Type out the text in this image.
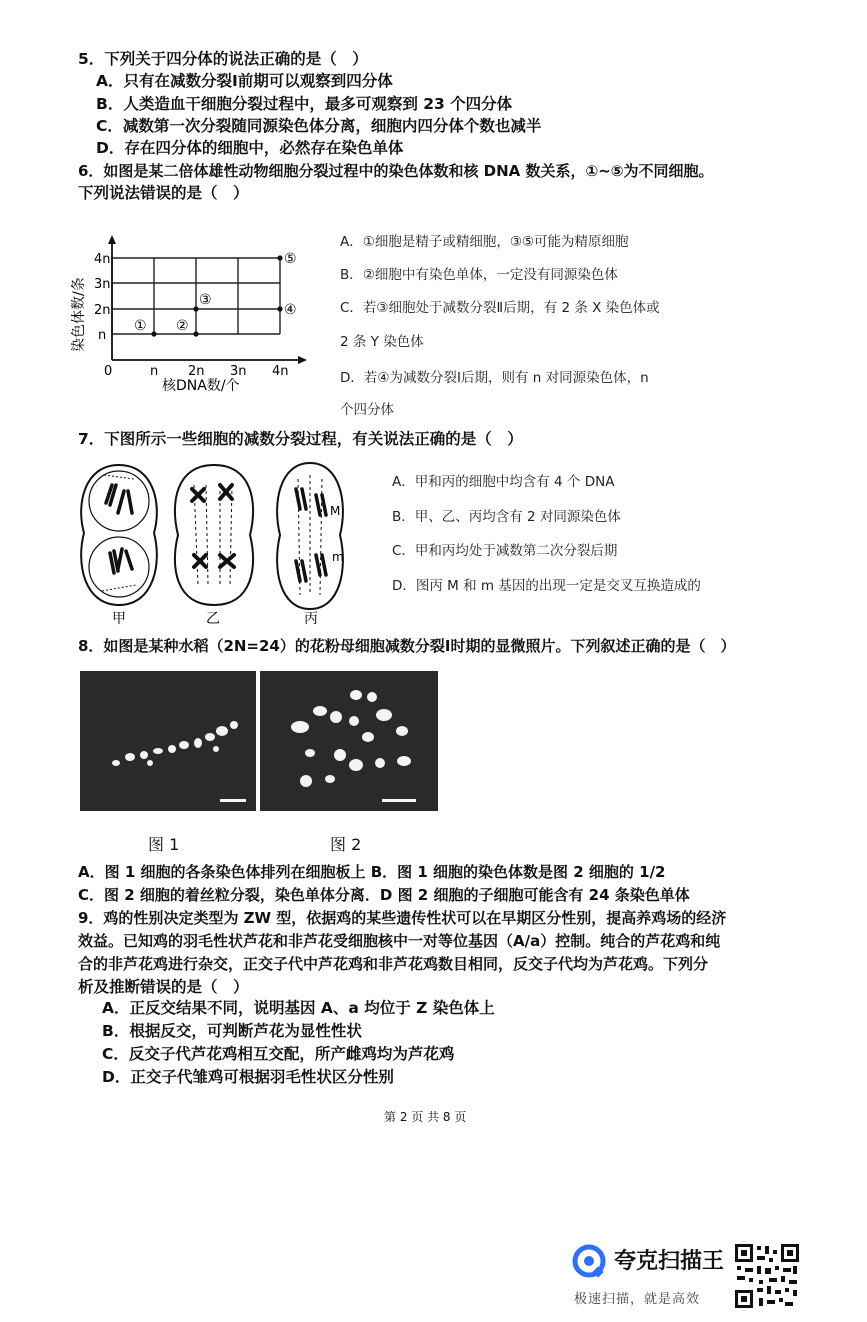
5．下列关于四分体的说法正确的是（　）
A．只有在减数分裂Ⅰ前期可以观察到四分体
B．人类造血干细胞分裂过程中，最多可观察到 23 个四分体
C．减数第一次分裂随同源染色体分离，细胞内四分体个数也减半
D．存在四分体的细胞中，必然存在染色单体
6．如图是某二倍体雄性动物细胞分裂过程中的染色体数和核 DNA 数关系，①~⑤为不同细胞。
下列说法错误的是（　）
4n
3n
2n
n
0	n 2n 3n 4n
核DNA数/个
染色体数/条	① ②
③
④
⑤
A．①细胞是精子或精细胞，③⑤可能为精原细胞
B．②细胞中有染色单体，一定没有同源染色体
C．若③细胞处于减数分裂Ⅱ后期，有 2 条 X 染色体或
2 条 Y 染色体
D．若④为减数分裂Ⅰ后期，则有 n 对同源染色体，n
个四分体
7．下图所示一些细胞的减数分裂过程，有关说法正确的是（　）
M
m
甲	乙	丙
A．甲和丙的细胞中均含有 4 个 DNA
B．甲、乙、丙均含有 2 对同源染色体
C．甲和丙均处于减数第二次分裂后期
D．图丙 M 和 m 基因的出现一定是交叉互换造成的
8．如图是某种水稻（2N=24）的花粉母细胞减数分裂Ⅰ时期的显微照片。下列叙述正确的是（　）
图 1	图 2
A．图 1 细胞的各条染色体排列在细胞板上 B．图 1 细胞的染色体数是图 2 细胞的 1/2
C．图 2 细胞的着丝粒分裂，染色单体分离．D 图 2 细胞的子细胞可能含有 24 条染色单体
9．鸡的性别决定类型为 ZW 型，依据鸡的某些遗传性状可以在早期区分性别，提高养鸡场的经济
效益。已知鸡的羽毛性状芦花和非芦花受细胞核中一对等位基因（A/a）控制。纯合的芦花鸡和纯
合的非芦花鸡进行杂交，正交子代中芦花鸡和非芦花鸡数目相同，反交子代均为芦花鸡。下列分
析及推断错误的是（　）
A．正反交结果不同，说明基因 A、a 均位于 Z 染色体上
B．根据反交，可判断芦花为显性性状
C．反交子代芦花鸡相互交配，所产雌鸡均为芦花鸡
D．正交子代雏鸡可根据羽毛性状区分性别
第 2 页 共 8 页
夸克扫描王
极速扫描，就是高效
